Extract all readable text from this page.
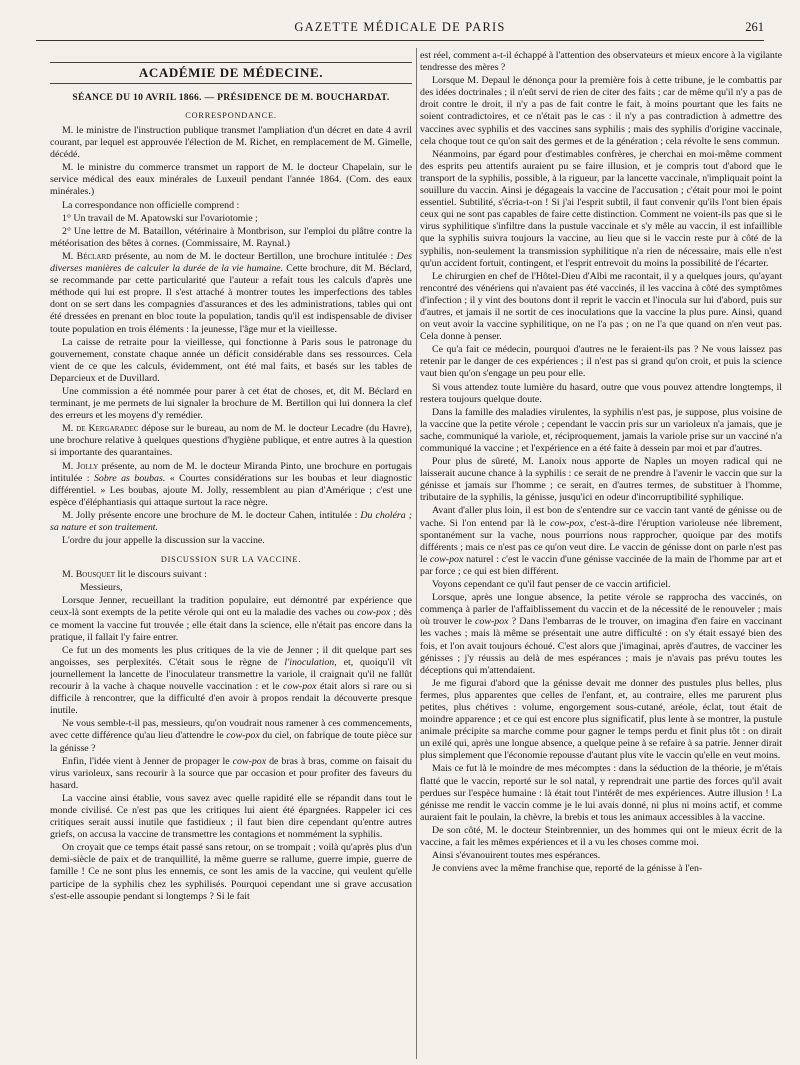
GAZETTE MÉDICALE DE PARIS	261
ACADÉMIE DE MÉDECINE.
SÉANCE DU 10 AVRIL 1866. — PRÉSIDENCE DE M. BOUCHARDAT.
CORRESPONDANCE.

M. le ministre de l'instruction publique transmet l'ampliation d'un décret en date 4 avril courant, par lequel est approuvée l'élection de M. Richet, en remplacement de M. Gimelle, décédé.

M. le ministre du commerce transmet un rapport de M. le docteur Chapelain, sur le service médical des eaux minérales de Luxeuil pendant l'année 1864. (Com. des eaux minérales.)

La correspondance non officielle comprend :

1° Un travail de M. Apatowski sur l'ovariotomie ;

2° Une lettre de M. Bataillon, vétérinaire à Montbrison, sur l'emploi du plâtre contre la météorisation des bêtes à cornes. (Commissaire, M. Raynal.)

M. Béclard présente, au nom de M. le docteur Bertillon, une brochure intitulée : Des diverses manières de calculer la durée de la vie humaine. Cette brochure, dit M. Béclard, se recommande par cette particularité que l'auteur a refait tous les calculs d'après une méthode qui lui est propre. Il s'est attaché à montrer toutes les imperfections des tables dont on se sert dans les compagnies d'assurances et des les administrations, tables qui ont été dressées en prenant en bloc toute la population, tandis qu'il est indispensable de diviser toute population en trois éléments : la jeunesse, l'âge mur et la vieillesse.

La caisse de retraite pour la vieillesse, qui fonctionne à Paris sous le patronage du gouvernement, constate chaque année un déficit considérable dans ses ressources. Cela vient de ce que les calculs, évidemment, ont été mal faits, et basés sur les tables de Deparcieux et de Duvillard.

Une commission a été nommée pour parer à cet état de choses, et, dit M. Béclard en terminant, je me permets de lui signaler la brochure de M. Bertillon qui lui donnera la clef des erreurs et les moyens d'y remédier.

M. de Kergaradec dépose sur le bureau, au nom de M. le docteur Lecadre (du Havre), une brochure relative à quelques questions d'hygiène publique, et entre autres à la question si importante des quarantaines.

M. Jolly présente, au nom de M. le docteur Miranda Pinto, une brochure en portugais intitulée : Sobre as boubas. « Courtes considérations sur les boubas et leur diagnostic différentiel. » Les boubas, ajoute M. Jolly, ressemblent au pian d'Amérique ; c'est une espèce d'éléphantiasis qui attaque surtout la race nègre.

M. Jolly présente encore une brochure de M. le docteur Cahen, intitulée : Du choléra ; sa nature et son traitement.

L'ordre du jour appelle la discussion sur la vaccine.

DISCUSSION SUR LA VACCINE.

M. Bousquet lit le discours suivant :

Messieurs,

Lorsque Jenner, recueillant la tradition populaire, eut démontré par expérience que ceux-là sont exempts de la petite vérole qui ont eu la maladie des vaches ou cow-pox ; dès ce moment la vaccine fut trouvée ; elle était dans la science, elle n'était pas encore dans la pratique, il fallait l'y faire entrer.

Ce fut un des moments les plus critiques de la vie de Jenner ; il dit quelque part ses angoisses, ses perplexités. C'était sous le règne de l'inoculation, et, quoiqu'il vît journellement la lancette de l'inoculateur transmettre la variole, il craignait qu'il ne fallût recourir à la vache à chaque nouvelle vaccination : et le cow-pox était alors si rare ou si difficile à rencontrer, que la difficulté d'en avoir à propos rendait la découverte presque inutile.

Ne vous semble-t-il pas, messieurs, qu'on voudrait nous ramener à ces commencements, avec cette différence qu'au lieu d'attendre le cow-pox du ciel, on fabrique de toute pièce sur la génisse ?

Enfin, l'idée vient à Jenner de propager le cow-pox de bras à bras, comme on faisait du virus varioleux, sans recourir à la source que par occasion et pour profiter des faveurs du hasard.

La vaccine ainsi établie, vous savez avec quelle rapidité elle se répandit dans tout le monde civilisé. Ce n'est pas que les critiques lui aient été épargnées. Rappeler ici ces critiques serait aussi inutile que fastidieux ; il faut bien dire cependant qu'entre autres griefs, on accusa la vaccine de transmettre les contagions et nommément la syphilis.

On croyait que ce temps était passé sans retour, on se trompait ; voilà qu'après plus d'un demi-siècle de paix et de tranquillité, la même guerre se rallume, guerre impie, guerre de famille ! Ce ne sont plus les ennemis, ce sont les amis de la vaccine, qui veulent qu'elle participe de la syphilis chez les syphilisés. Pourquoi cependant une si grave accusation s'est-elle assoupie pendant si longtemps ? Si le fait

est réel, comment a-t-il échappé à l'attention des observateurs et mieux encore à la vigilante tendresse des mères ?

Lorsque M. Depaul le dénonça pour la première fois à cette tribune, je le combattis par des idées doctrinales ; il n'eût servi de rien de citer des faits ; car de même qu'il n'y a pas de droit contre le droit, il n'y a pas de fait contre le fait, à moins pourtant que les faits ne soient contradictoires, et ce n'était pas le cas : il n'y a pas contradiction à admettre des vaccines avec syphilis et des vaccines sans syphilis ; mais des syphilis d'origine vaccinale, cela choque tout ce qu'on sait des germes et de la génération ; cela révolte le sens commun.

Néanmoins, par égard pour d'estimables confrères, je cherchai en moi-même comment des esprits peu attentifs auraient pu se faire illusion, et je compris tout d'abord que le transport de la syphilis, possible, à la rigueur, par la lancette vaccinale, n'impliquait point la souillure du vaccin. Ainsi je dégageais la vaccine de l'accusation ; c'était pour moi le point essentiel. Subtilité, s'écria-t-on ! Si j'ai l'esprit subtil, il faut convenir qu'ils l'ont bien épais ceux qui ne sont pas capables de faire cette distinction. Comment ne voient-ils pas que si le virus syphilitique s'infiltre dans la pustule vaccinale et s'y mêle au vaccin, il est infaillible que la syphilis suivra toujours la vaccine, au lieu que si le vaccin reste pur à côté de la syphilis, non-seulement la transmission syphilitique n'a rien de nécessaire, mais elle n'est qu'un accident fortuit, contingent, et l'esprit entrevoit du moins la possibilité de l'écarter.

Le chirurgien en chef de l'Hôtel-Dieu d'Albi me racontait, il y a quelques jours, qu'ayant rencontré des vénériens qui n'avaient pas été vaccinés, il les vaccina à côté des symptômes d'infection ; il y vint des boutons dont il reprit le vaccin et l'inocula sur lui d'abord, puis sur d'autres, et jamais il ne sortit de ces inoculations que la vaccine la plus pure. Ainsi, quand on veut avoir la vaccine syphilitique, on ne l'a pas ; on ne l'a que quand on n'en veut pas. Cela donne à penser.

Ce qu'a fait ce médecin, pourquoi d'autres ne le feraient-ils pas ? Ne vous laissez pas retenir par le danger de ces expériences ; il n'est pas si grand qu'on croit, et puis la science vaut bien qu'on s'engage un peu pour elle.

Si vous attendez toute lumière du hasard, outre que vous pouvez attendre longtemps, il restera toujours quelque doute.

Dans la famille des maladies virulentes, la syphilis n'est pas, je suppose, plus voisine de la vaccine que la petite vérole ; cependant le vaccin pris sur un varioleux n'a jamais, que je sache, communiqué la variole, et, réciproquement, jamais la variole prise sur un vacciné n'a communiqué la vaccine ; et l'expérience en a été faite à dessein par moi et par d'autres.

Pour plus de sûreté, M. Lanoix nous apporte de Naples un moyen radical qui ne laisserait aucune chance à la syphilis : ce serait de ne prendre à l'avenir le vaccin que sur la génisse et jamais sur l'homme ; ce serait, en d'autres termes, de substituer à l'homme, tributaire de la syphilis, la génisse, jusqu'ici en odeur d'incorruptibilité syphilique.

Avant d'aller plus loin, il est bon de s'entendre sur ce vaccin tant vanté de génisse ou de vache. Si l'on entend par là le cow-pox, c'est-à-dire l'éruption varioleuse née librement, spontanément sur la vache, nous pourrions nous rapprocher, quoique par des motifs différents ; mais ce n'est pas ce qu'on veut dire. Le vaccin de génisse dont on parle n'est pas le cow-pox naturel : c'est le vaccin d'une génisse vaccinée de la main de l'homme par art et par force ; ce qui est bien différent.

Voyons cependant ce qu'il faut penser de ce vaccin artificiel.

Lorsque, après une longue absence, la petite vérole se rapprocha des vaccinés, on commença à parler de l'affaiblissement du vaccin et de la nécessité de le renouveler ; mais où trouver le cow-pox ? Dans l'embarras de le trouver, on imagina d'en faire en vaccinant les vaches ; mais là même se présentait une autre difficulté : on s'y était essayé bien des fois, et l'on avait toujours échoué. C'est alors que j'imaginai, après d'autres, de vacciner les génisses ; j'y réussis au delà de mes espérances ; mais je n'avais pas prévu toutes les déceptions qui m'attendaient.

Je me figurai d'abord que la génisse devait me donner des pustules plus belles, plus fermes, plus apparentes que celles de l'enfant, et, au contraire, elles me parurent plus petites, plus chétives : volume, engorgement sous-cutané, aréole, éclat, tout était de moindre apparence ; et ce qui est encore plus significatif, plus lente à se montrer, la pustule animale précipite sa marche comme pour gagner le temps perdu et finit plus tôt : on dirait un exilé qui, après une longue absence, a quelque peine à se refaire à sa patrie. Jenner dirait plus simplement que l'économie repousse d'autant plus vite le vaccin qu'elle en veut moins.

Mais ce fut là le moindre de mes mécomptes : dans la séduction de la théorie, je m'étais flatté que le vaccin, reporté sur le sol natal, y reprendrait une partie des forces qu'il avait perdues sur l'espèce humaine : là était tout l'intérêt de mes expériences. Autre illusion ! La génisse me rendit le vaccin comme je le lui avais donné, ni plus ni moins actif, et comme auraient fait le poulain, la chèvre, la brebis et tous les animaux accessibles à la vaccine.

De son côté, M. le docteur Steinbrennier, un des hommes qui ont le mieux écrit de la vaccine, a fait les mêmes expériences et il a vu les choses comme moi.

Ainsi s'évanouirent toutes mes espérances.

Je conviens avec la même franchise que, reporté de la génisse à l'en-
